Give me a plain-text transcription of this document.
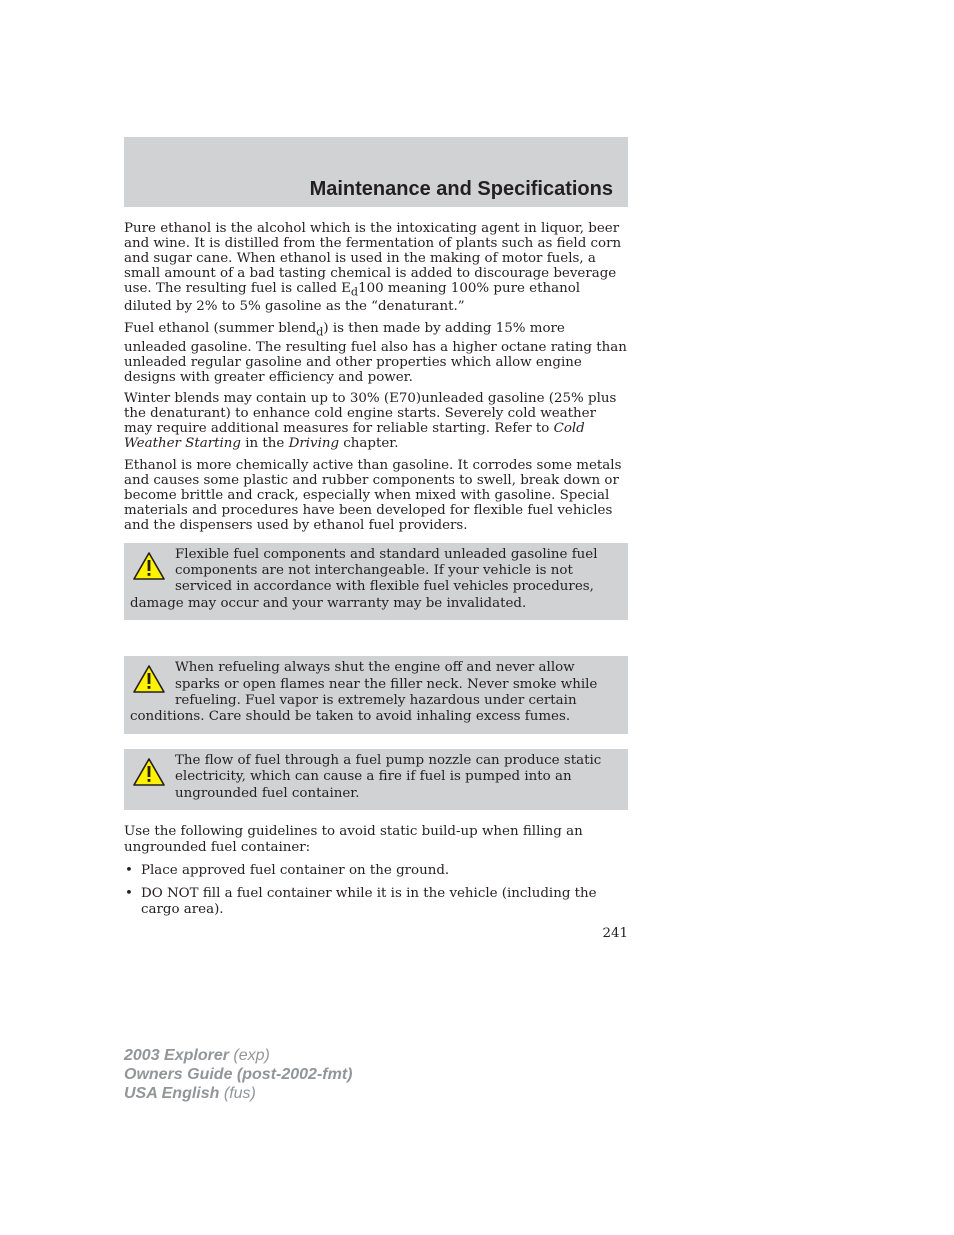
Maintenance and Specifications

Pure ethanol is the alcohol which is the intoxicating agent in liquor, beer and wine. It is distilled from the fermentation of plants such as field corn and sugar cane. When ethanol is used in the making of motor fuels, a small amount of a bad tasting chemical is added to discourage beverage use. The resulting fuel is called $E_d100$ meaning 100% pure ethanol diluted by 2% to 5% gasoline as the “denaturant.”

Fuel ethanol (summer blend$_d$) is then made by adding 15% more unleaded gasoline. The resulting fuel also has a higher octane rating than unleaded regular gasoline and other properties which allow engine designs with greater efficiency and power.

Winter blends may contain up to 30% (E70)unleaded gasoline (25% plus the denaturant) to enhance cold engine starts. Severely cold weather may require additional measures for reliable starting. Refer to Cold Weather Starting in the Driving chapter.

Ethanol is more chemically active than gasoline. It corrodes some metals and causes some plastic and rubber components to swell, break down or become brittle and crack, especially when mixed with gasoline. Special materials and procedures have been developed for flexible fuel vehicles and the dispensers used by ethanol fuel providers.

Flexible fuel components and standard unleaded gasoline fuel components are not interchangeable. If your vehicle is not serviced in accordance with flexible fuel vehicles procedures, damage may occur and your warranty may be invalidated.
When refueling always shut the engine off and never allow sparks or open flames near the filler neck. Never smoke while refueling. Fuel vapor is extremely hazardous under certain conditions. Care should be taken to avoid inhaling excess fumes.
The flow of fuel through a fuel pump nozzle can produce static electricity, which can cause a fire if fuel is pumped into an ungrounded fuel container.

Use the following guidelines to avoid static build-up when filling an ungrounded fuel container:

• Place approved fuel container on the ground.
• DO NOT fill a fuel container while it is in the vehicle (including the cargo area).
241
2003 Explorer (exp)
Owners Guide (post-2002-fmt)
USA English (fus)
